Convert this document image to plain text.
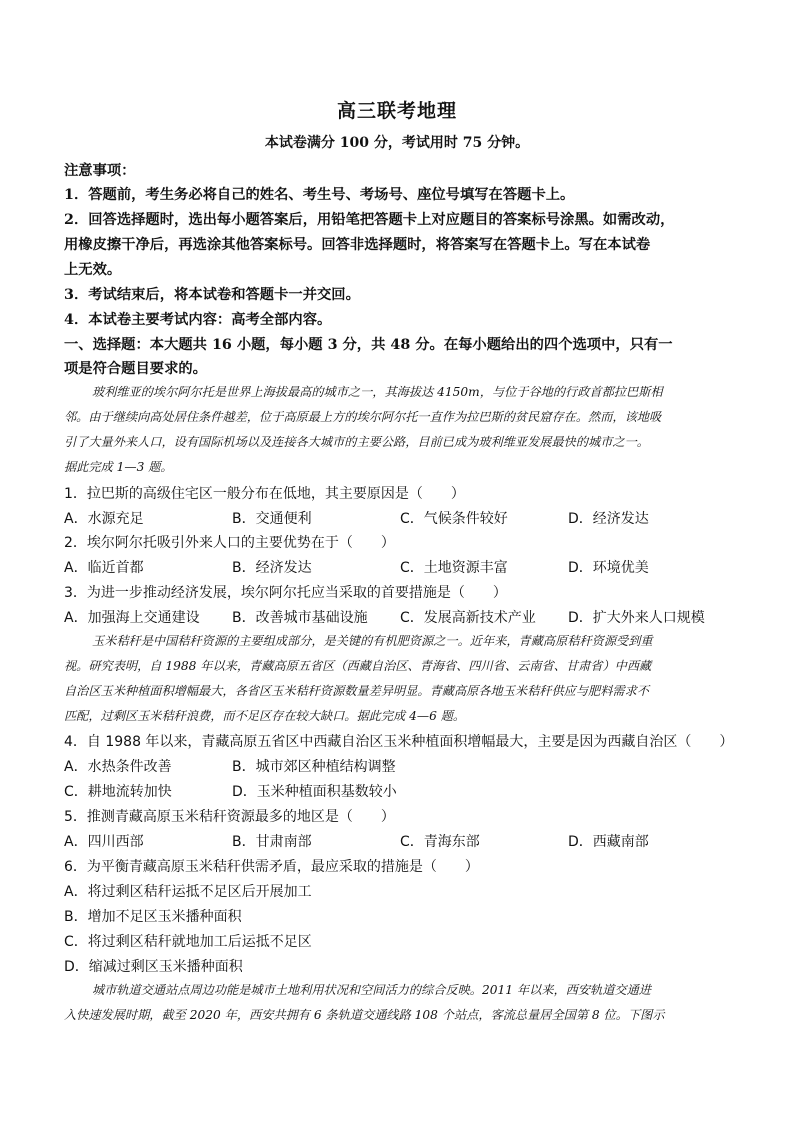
高三联考地理
本试卷满分 100 分，考试用时 75 分钟。
注意事项：
1．答题前，考生务必将自己的姓名、考生号、考场号、座位号填写在答题卡上。
2．回答选择题时，选出每小题答案后，用铅笔把答题卡上对应题目的答案标号涂黑。如需改动，
用橡皮擦干净后，再选涂其他答案标号。回答非选择题时，将答案写在答题卡上。写在本试卷
上无效。
3．考试结束后，将本试卷和答题卡一并交回。
4．本试卷主要考试内容：高考全部内容。
一、选择题：本大题共 16 小题，每小题 3 分，共 48 分。在每小题给出的四个选项中，只有一
项是符合题目要求的。
玻利维亚的埃尔阿尔托是世界上海拔最高的城市之一，其海拔达 4150m，与位于谷地的行政首都拉巴斯相
邻。由于继续向高处居住条件越差，位于高原最上方的埃尔阿尔托一直作为拉巴斯的贫民窟存在。然而，该地吸
引了大量外来人口，设有国际机场以及连接各大城市的主要公路，目前已成为玻利维亚发展最快的城市之一。
据此完成 1—3 题。
1．拉巴斯的高级住宅区一般分布在低地，其主要原因是（　　）
A．水源充足	B．交通便利	C．气候条件较好	D．经济发达
2．埃尔阿尔托吸引外来人口的主要优势在于（　　）
A．临近首都	B．经济发达	C．土地资源丰富	D．环境优美
3．为进一步推动经济发展，埃尔阿尔托应当采取的首要措施是（　　）
A．加强海上交通建设 B．改善城市基础设施 C．发展高新技术产业 D．扩大外来人口规模
玉米秸秆是中国秸秆资源的主要组成部分，是关键的有机肥资源之一。近年来，青藏高原秸秆资源受到重
视。研究表明，自 1988 年以来，青藏高原五省区（西藏自治区、青海省、四川省、云南省、甘肃省）中西藏
自治区玉米种植面积增幅最大，各省区玉米秸秆资源数量差异明显。青藏高原各地玉米秸秆供应与肥料需求不
匹配，过剩区玉米秸秆浪费，而不足区存在较大缺口。据此完成 4—6 题。
4．自 1988 年以来，青藏高原五省区中西藏自治区玉米种植面积增幅最大，主要是因为西藏自治区（　　）
A．水热条件改善	B．城市郊区种植结构调整
C．耕地流转加快	D．玉米种植面积基数较小
5．推测青藏高原玉米秸秆资源最多的地区是（　　）
A．四川西部	B．甘肃南部	C．青海东部	D．西藏南部
6．为平衡青藏高原玉米秸秆供需矛盾，最应采取的措施是（　　）
A．将过剩区秸秆运抵不足区后开展加工
B．增加不足区玉米播种面积
C．将过剩区秸秆就地加工后运抵不足区
D．缩减过剩区玉米播种面积
城市轨道交通站点周边功能是城市土地利用状况和空间活力的综合反映。2011 年以来，西安轨道交通进
入快速发展时期，截至 2020 年，西安共拥有 6 条轨道交通线路 108 个站点，客流总量居全国第 8 位。下图示
